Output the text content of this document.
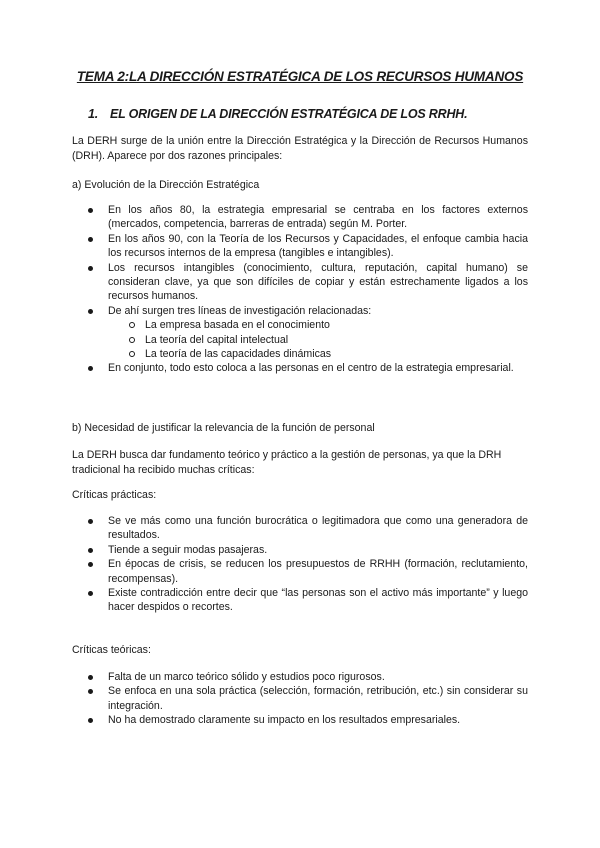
TEMA 2:LA DIRECCIÓN ESTRATÉGICA DE LOS RECURSOS HUMANOS
1. EL ORIGEN DE LA DIRECCIÓN ESTRATÉGICA DE LOS RRHH.
La DERH surge de la unión entre la Dirección Estratégica y la Dirección de Recursos Humanos (DRH). Aparece por dos razones principales:
a) Evolución de la Dirección Estratégica
En los años 80, la estrategia empresarial se centraba en los factores externos (mercados, competencia, barreras de entrada) según M. Porter.
En los años 90, con la Teoría de los Recursos y Capacidades, el enfoque cambia hacia los recursos internos de la empresa (tangibles e intangibles).
Los recursos intangibles (conocimiento, cultura, reputación, capital humano) se consideran clave, ya que son difíciles de copiar y están estrechamente ligados a los recursos humanos.
De ahí surgen tres líneas de investigación relacionadas:
La empresa basada en el conocimiento
La teoría del capital intelectual
La teoría de las capacidades dinámicas
En conjunto, todo esto coloca a las personas en el centro de la estrategia empresarial.
b) Necesidad de justificar la relevancia de la función de personal
La DERH busca dar fundamento teórico y práctico a la gestión de personas, ya que la DRH tradicional ha recibido muchas críticas:
Críticas prácticas:
Se ve más como una función burocrática o legitimadora que como una generadora de resultados.
Tiende a seguir modas pasajeras.
En épocas de crisis, se reducen los presupuestos de RRHH (formación, reclutamiento, recompensas).
Existe contradicción entre decir que “las personas son el activo más importante” y luego hacer despidos o recortes.
Críticas teóricas:
Falta de un marco teórico sólido y estudios poco rigurosos.
Se enfoca en una sola práctica (selección, formación, retribución, etc.) sin considerar su integración.
No ha demostrado claramente su impacto en los resultados empresariales.
